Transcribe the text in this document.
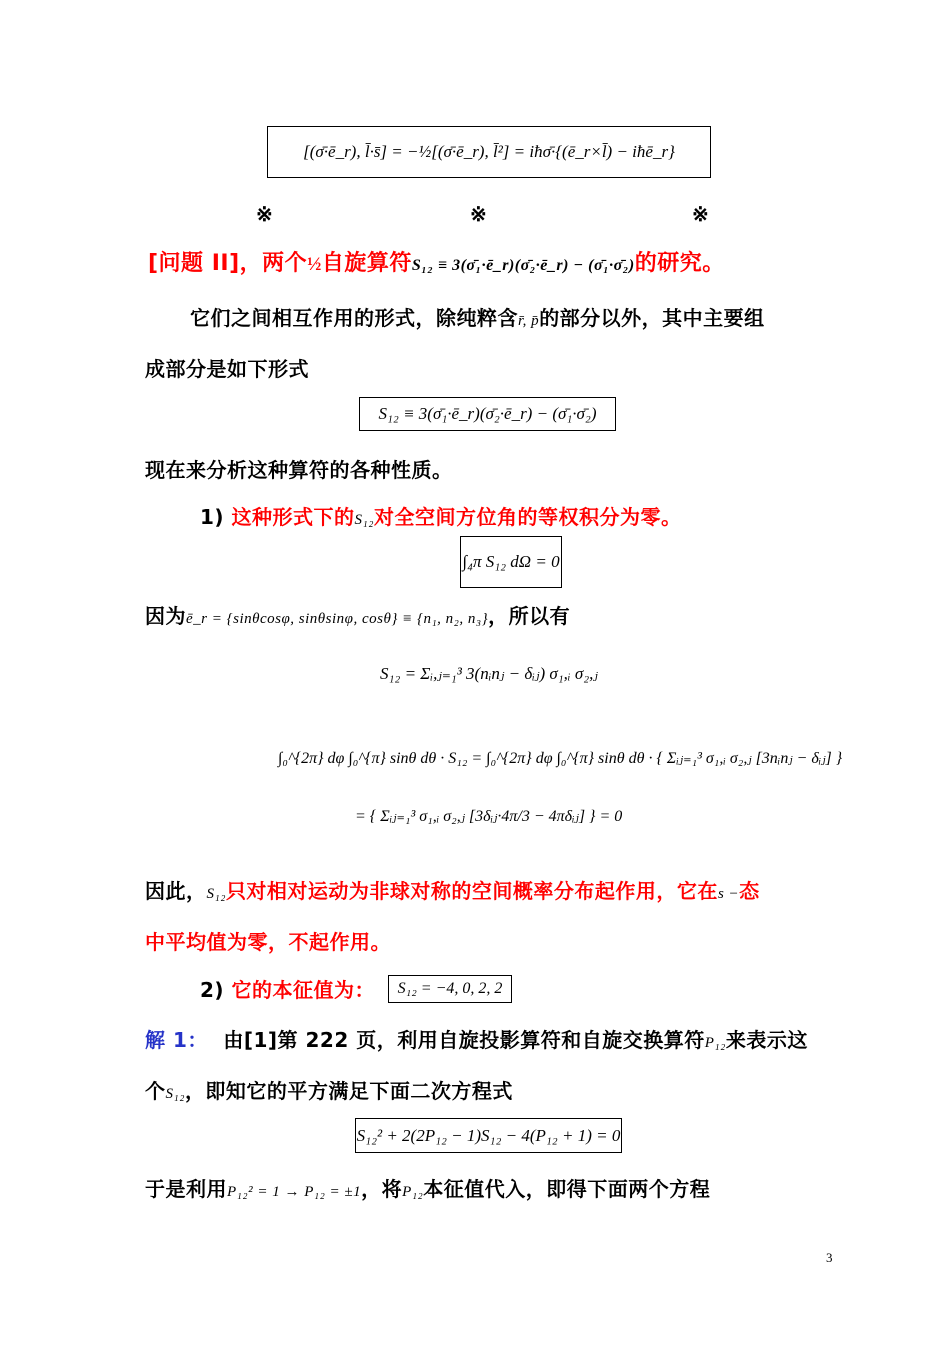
[(σ̄·ē_r), l̄·s̄] = −½[(σ̄·ē_r), l̄²] = iħσ̄·{(ē_r×l̄) − iħē_r}
※	※	※
[问题 II]，两个½自旋算符S₁₂ ≡ 3(σ̄₁·ē_r)(σ̄₂·ē_r) − (σ̄₁·σ̄₂)的研究。
它们之间相互作用的形式，除纯粹含r̄, p̄的部分以外，其中主要组
成部分是如下形式
S₁₂ ≡ 3(σ̄₁·ē_r)(σ̄₂·ē_r) − (σ̄₁·σ̄₂)
现在来分析这种算符的各种性质。
1) 这种形式下的S₁₂对全空间方位角的等权积分为零。
∫₄π S₁₂ dΩ = 0
因为ē_r = {sinθcosφ, sinθsinφ, cosθ} ≡ {n₁, n₂, n₃}，所以有
S₁₂ = Σᵢ,ⱼ₌₁³ 3(nᵢnⱼ − δᵢⱼ) σ₁,ᵢ σ₂,ⱼ
∫₀^{2π} dφ ∫₀^{π} sinθ dθ · S₁₂ = ∫₀^{2π} dφ ∫₀^{π} sinθ dθ · { Σᵢⱼ₌₁³ σ₁,ᵢ σ₂,ⱼ [3nᵢnⱼ − δᵢⱼ] }
= { Σᵢⱼ₌₁³ σ₁,ᵢ σ₂,ⱼ [3δᵢⱼ·4π/3 − 4πδᵢⱼ] } = 0
因此，S₁₂只对相对运动为非球对称的空间概率分布起作用，它在s −态
中平均值为零，不起作用。
2) 它的本征值为： S₁₂ = −4, 0, 2, 2
解 1： 由[1]第 222 页，利用自旋投影算符和自旋交换算符P₁₂来表示这
个S₁₂，即知它的平方满足下面二次方程式
S₁₂² + 2(2P₁₂ − 1)S₁₂ − 4(P₁₂ + 1) = 0
于是利用P₁₂² = 1 → P₁₂ = ±1，将P₁₂本征值代入，即得下面两个方程
3
